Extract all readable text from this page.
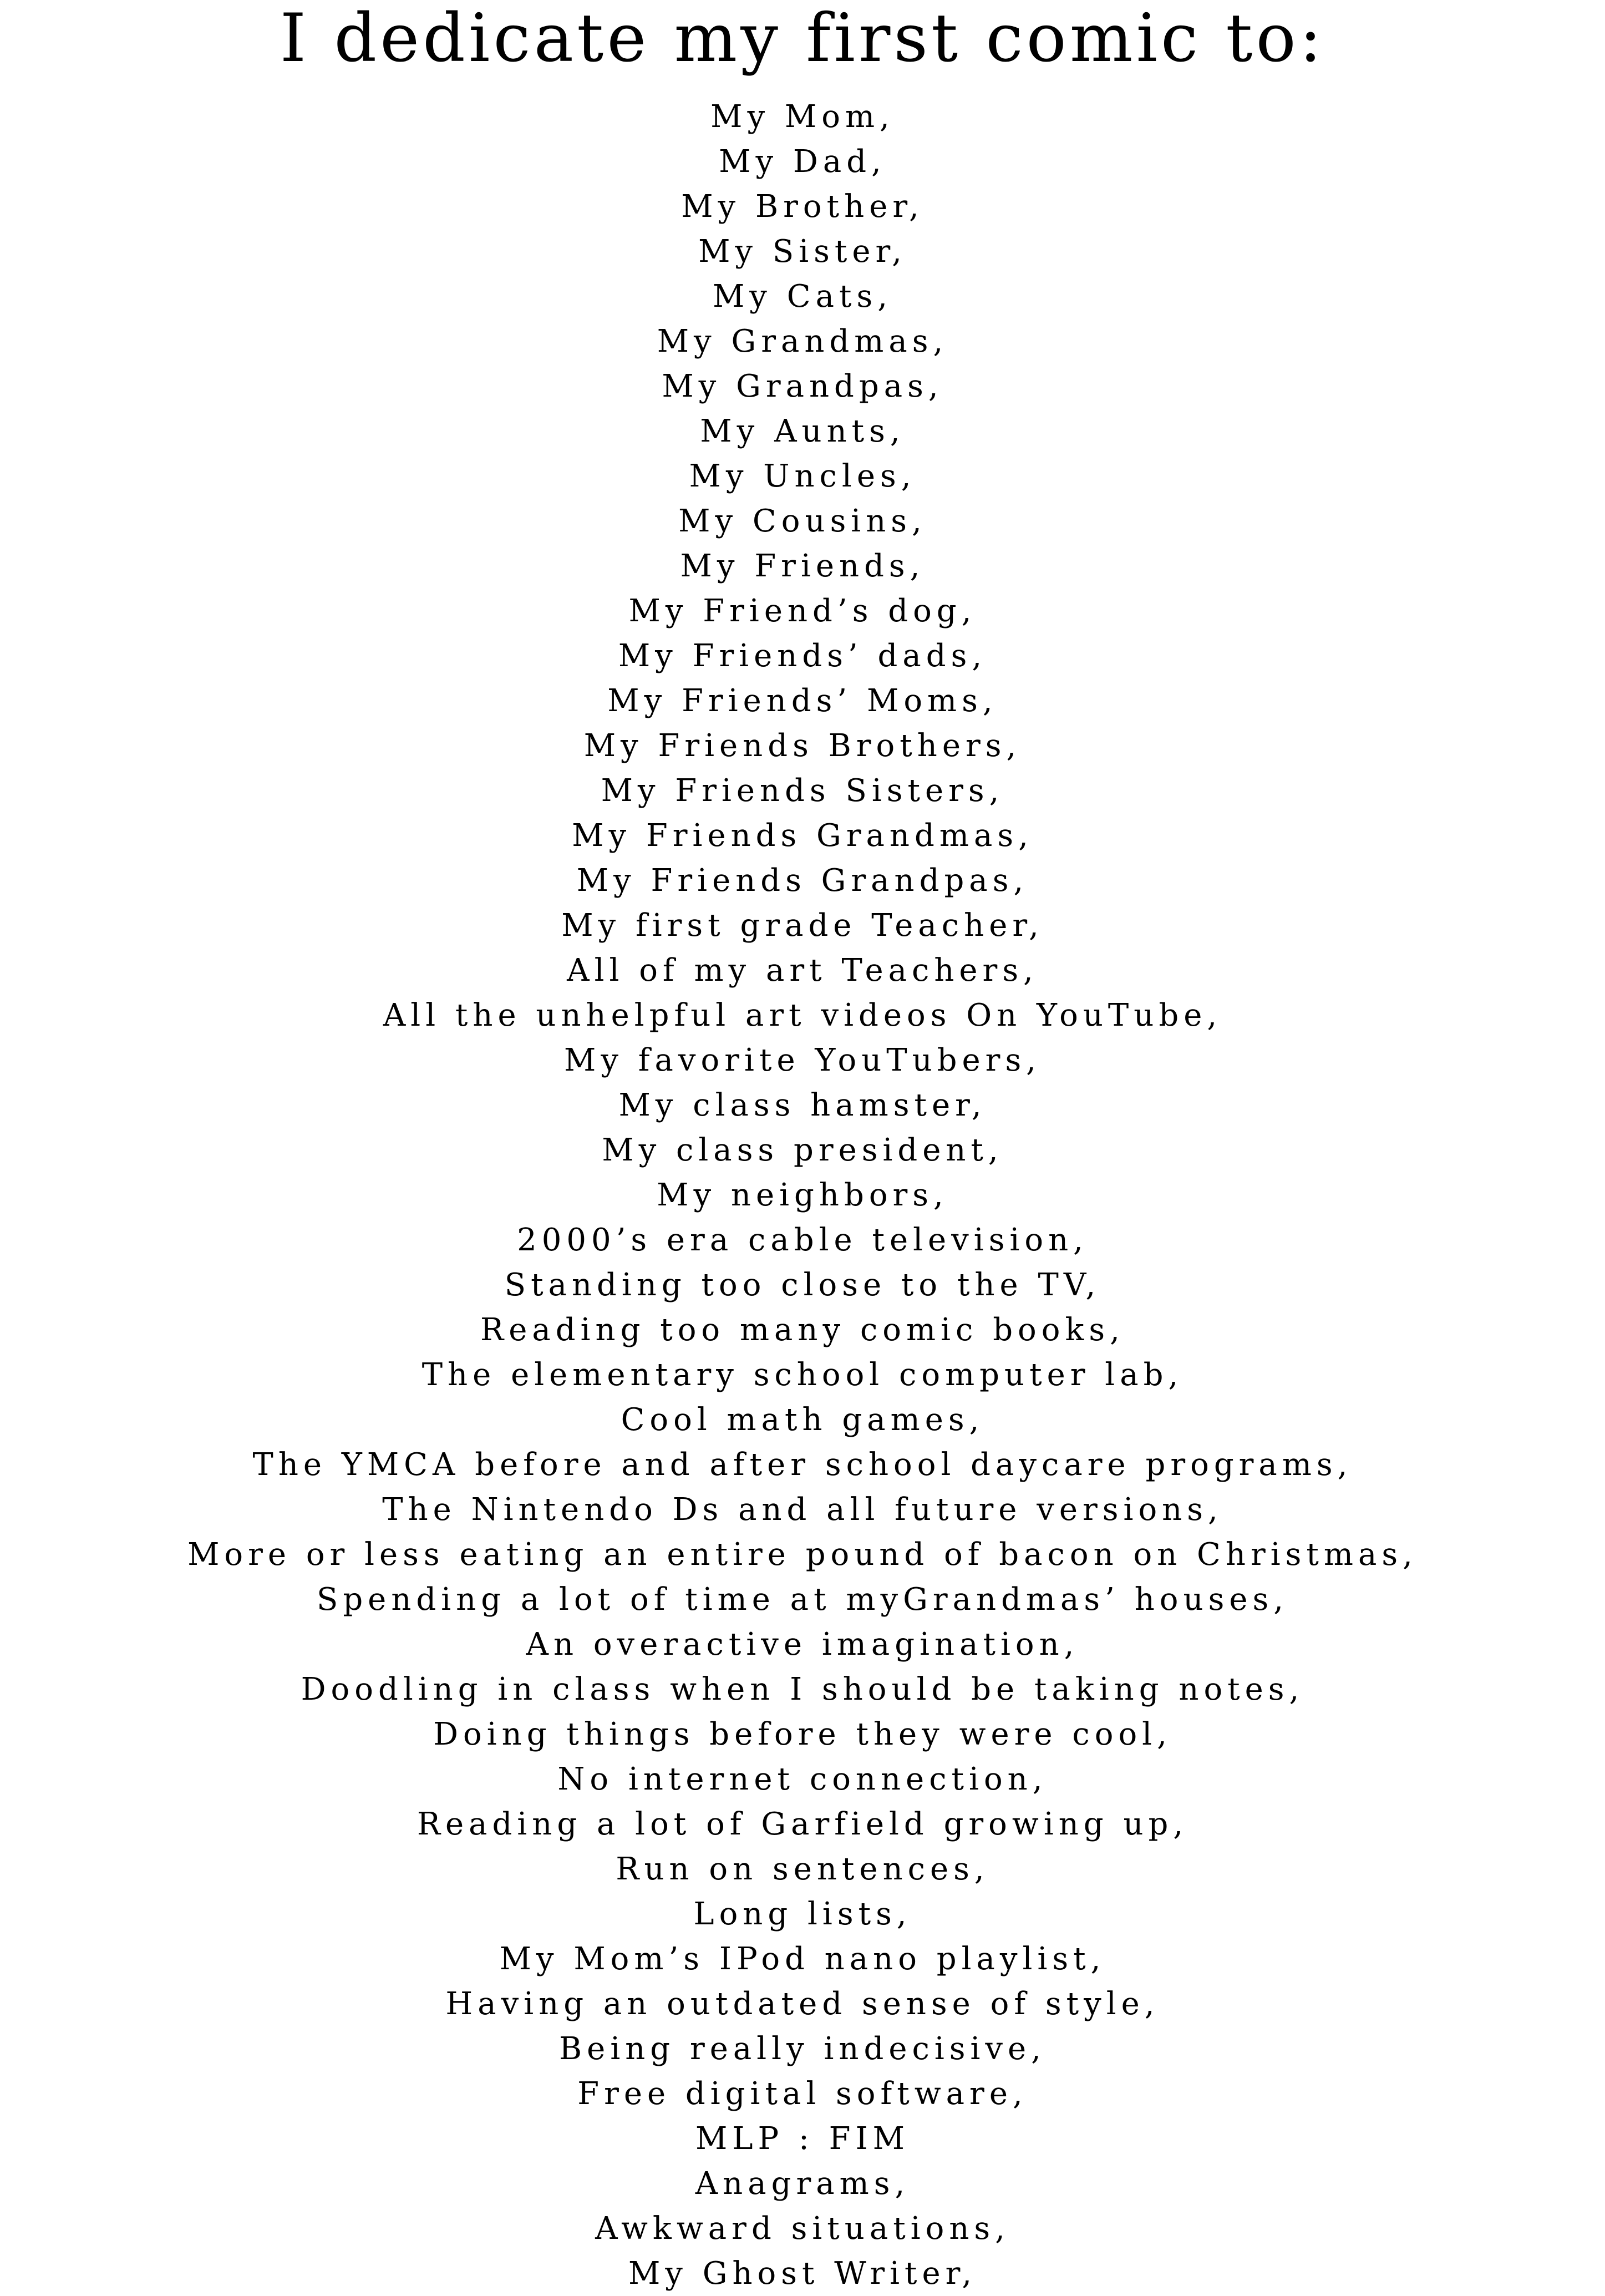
I dedicate my first comic to:
My Mom,
My Dad,
My Brother,
My Sister,
My Cats,
My Grandmas,
My Grandpas,
My Aunts,
My Uncles,
My Cousins,
My Friends,
My Friend’s dog,
My Friends’ dads,
My Friends’ Moms,
My Friends Brothers,
My Friends Sisters,
My Friends Grandmas,
My Friends Grandpas,
My first grade Teacher,
All of my art Teachers,
All the unhelpful art videos On YouTube,
My favorite YouTubers,
My class hamster,
My class president,
My neighbors,
2000’s era cable television,
Standing too close to the TV,
Reading too many comic books,
The elementary school computer lab,
Cool math games,
The YMCA before and after school daycare programs,
The Nintendo Ds and all future versions,
More or less eating an entire pound of bacon on Christmas,
Spending a lot of time at myGrandmas’ houses,
An overactive imagination,
Doodling in class when I should be taking notes,
Doing things before they were cool,
No internet connection,
Reading a lot of Garfield growing up,
Run on sentences,
Long lists,
My Mom’s IPod nano playlist,
Having an outdated sense of style,
Being really indecisive,
Free digital software,
MLP : FIM
Anagrams,
Awkward situations,
My Ghost Writer,
